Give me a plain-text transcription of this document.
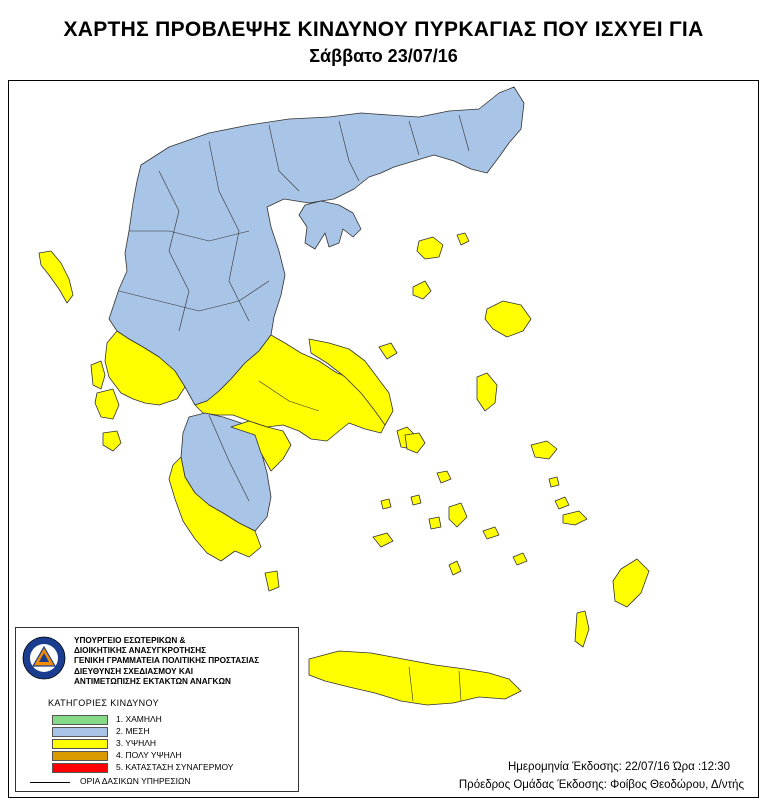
ΧΑΡΤΗΣ ΠΡΟΒΛΕΨΗΣ ΚΙΝΔΥΝΟΥ ΠΥΡΚΑΓΙΑΣ ΠΟΥ ΙΣΧΥΕΙ ΓΙΑ
Σάββατο 23/07/16
ΥΠΟΥΡΓΕΙΟ ΕΣΩΤΕΡΙΚΩΝ &
ΔΙΟΙΚΗΤΙΚΗΣ ΑΝΑΣΥΓΚΡΟΤΗΣΗΣ
ΓΕΝΙΚΗ ΓΡΑΜΜΑΤΕΙΑ ΠΟΛΙΤΙΚΗΣ ΠΡΟΣΤΑΣΙΑΣ
ΔΙΕΥΘΥΝΣΗ ΣΧΕΔΙΑΣΜΟΥ ΚΑΙ
ΑΝΤΙΜΕΤΩΠΙΣΗΣ ΕΚΤΑΚΤΩΝ ΑΝΑΓΚΩΝ
ΚΑΤΗΓΟΡΙΕΣ ΚΙΝΔΥΝΟΥ
1. ΧΑΜΗΛΗ
2. ΜΕΣΗ
3. ΥΨΗΛΗ
4. ΠΟΛΥ ΥΨΗΛΗ
5. ΚΑΤΑΣΤΑΣΗ ΣΥΝΑΓΕΡΜΟΥ
ΟΡΙΑ ΔΑΣΙΚΩΝ ΥΠΗΡΕΣΙΩΝ
Ημερομηνία Έκδοσης: 22/07/16 Ώρα :12:30
Πρόεδρος Ομάδας Έκδοσης: Φοίβος Θεοδώρου, Δ/ντής
